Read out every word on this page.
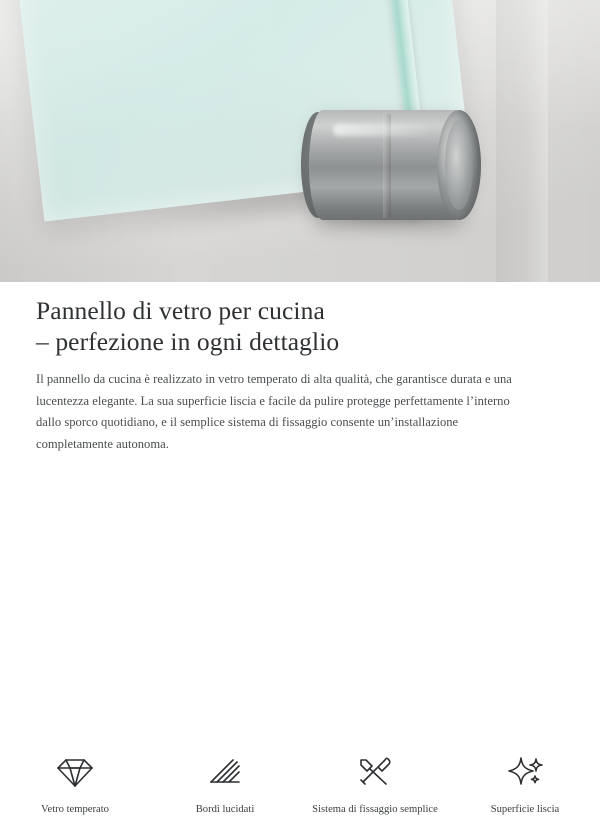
Pannello di vetro per cucina
– perfezione in ogni dettaglio

Il pannello da cucina è realizzato in vetro temperato di alta qualità, che garantisce durata e una lucentezza elegante. La sua superficie liscia e facile da pulire protegge perfettamente l’interno dallo sporco quotidiano, e il semplice sistema di fissaggio consente un’installazione completamente autonoma.

Vetro temperato	Bordi lucidati	Sistema di fissaggio semplice	Superficie liscia
